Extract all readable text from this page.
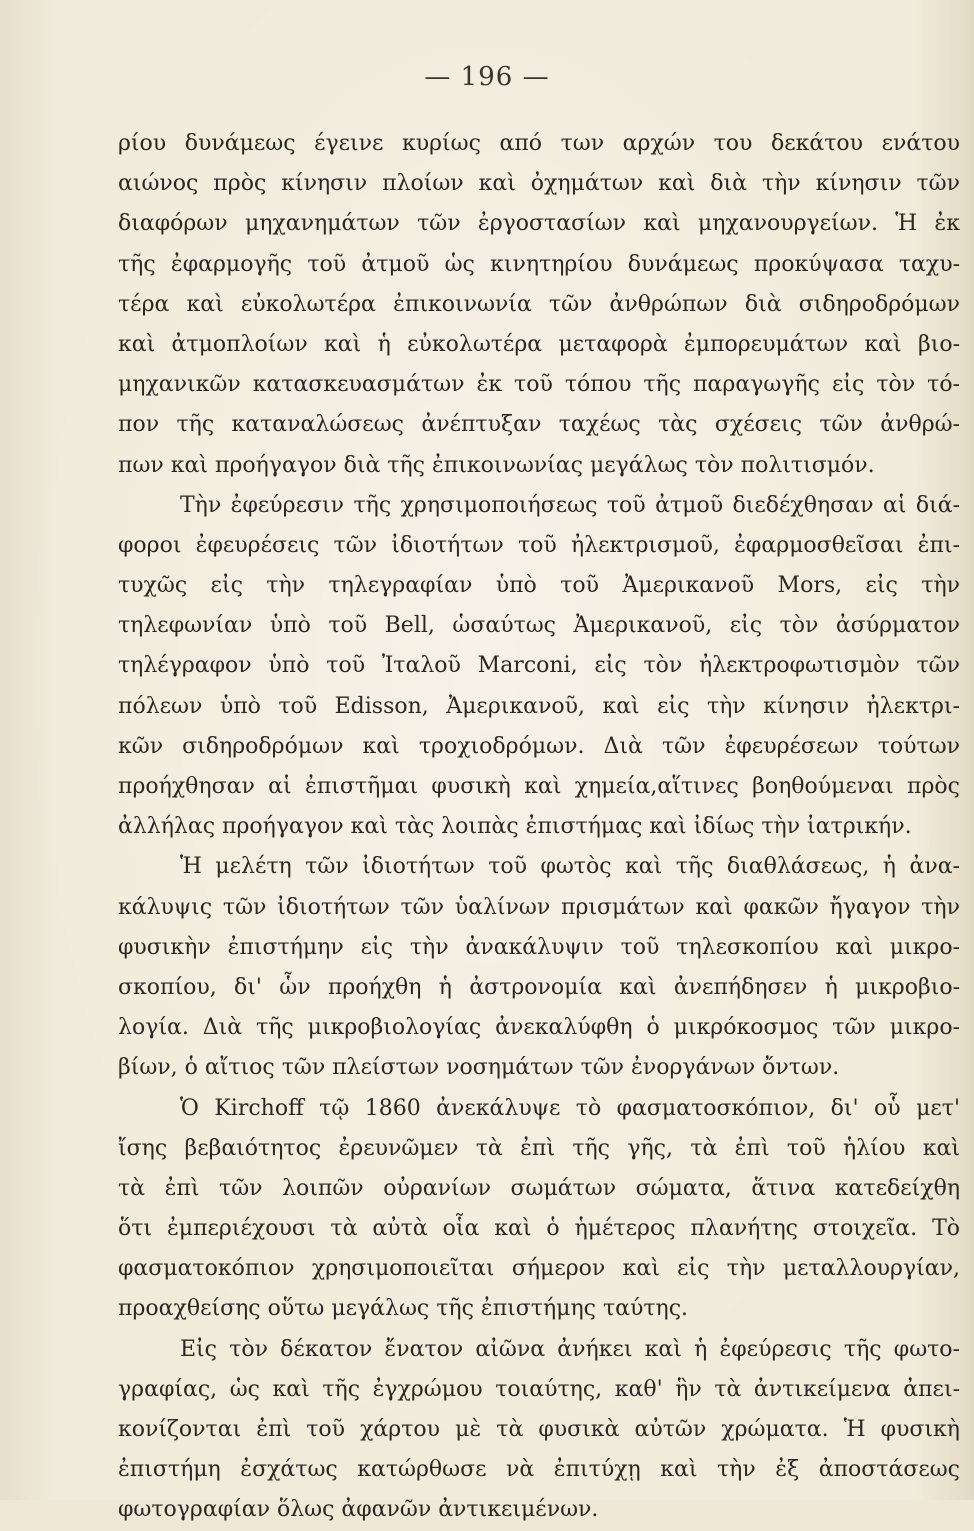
— 196 —
ρίου δυνάμεως έγεινε κυρίως από των αρχών του δεκάτου ενάτου
αιώνος πρὸς κίνησιν πλοίων καὶ ὀχημάτων καὶ διὰ τὴν κίνησιν τῶν
διαφόρων μηχανημάτων τῶν ἐργοστασίων καὶ μηχανουργείων. Ἡ ἐκ
τῆς ἐφαρμογῆς τοῦ ἀτμοῦ ὡς κινητηρίου δυνάμεως προκύψασα ταχυ-
τέρα καὶ εὐκολωτέρα ἐπικοινωνία τῶν ἀνθρώπων διὰ σιδηροδρόμων
καὶ ἀτμοπλοίων καὶ ἡ εὐκολωτέρα μεταφορὰ ἐμπορευμάτων καὶ βιο-
μηχανικῶν κατασκευασμάτων ἐκ τοῦ τόπου τῆς παραγωγῆς εἰς τὸν τό-
πον τῆς καταναλώσεως ἀνέπτυξαν ταχέως τὰς σχέσεις τῶν ἀνθρώ-
πων καὶ προήγαγον διὰ τῆς ἐπικοινωνίας μεγάλως τὸν πολιτισμόν.
Τὴν ἐφεύρεσιν τῆς χρησιμοποιήσεως τοῦ ἀτμοῦ διεδέχθησαν αἱ διά-
φοροι ἐφευρέσεις τῶν ἰδιοτήτων τοῦ ἠλεκτρισμοῦ, ἐφαρμοσθεῖσαι ἐπι-
τυχῶς εἰς τὴν τηλεγραφίαν ὑπὸ τοῦ Ἀμερικανοῦ Mors, εἰς τὴν
τηλεφωνίαν ὑπὸ τοῦ Bell, ὡσαύτως Ἀμερικανοῦ, εἰς τὸν ἀσύρματον
τηλέγραφον ὑπὸ τοῦ Ἰταλοῦ Marconi, εἰς τὸν ἠλεκτροφωτισμὸν τῶν
πόλεων ὑπὸ τοῦ Edisson, Ἀμερικανοῦ, καὶ εἰς τὴν κίνησιν ἠλεκτρι-
κῶν σιδηροδρόμων καὶ τροχιοδρόμων. Διὰ τῶν ἐφευρέσεων τούτων
προήχθησαν αἱ ἐπιστῆμαι φυσικὴ καὶ χημεία,αἵτινες βοηθούμεναι πρὸς
ἀλλήλας προήγαγον καὶ τὰς λοιπὰς ἐπιστήμας καὶ ἰδίως τὴν ἰατρικήν.
Ἡ μελέτη τῶν ἰδιοτήτων τοῦ φωτὸς καὶ τῆς διαθλάσεως, ἡ ἀνα-
κάλυψις τῶν ἰδιοτήτων τῶν ὑαλίνων πρισμάτων καὶ φακῶν ἤγαγον τὴν
φυσικὴν ἐπιστήμην εἰς τὴν ἀνακάλυψιν τοῦ τηλεσκοπίου καὶ μικρο-
σκοπίου, δι' ὧν προήχθη ἡ ἀστρονομία καὶ ἀνεπήδησεν ἡ μικροβιο-
λογία. Διὰ τῆς μικροβιολογίας ἀνεκαλύφθη ὁ μικρόκοσμος τῶν μικρο-
βίων, ὁ αἴτιος τῶν πλείστων νοσημάτων τῶν ἐνοργάνων ὄντων.
Ὁ Kirchoff τῷ 1860 ἀνεκάλυψε τὸ φασματοσκόπιον, δι' οὗ μετ'
ἴσης βεβαιότητος ἐρευνῶμεν τὰ ἐπὶ τῆς γῆς, τὰ ἐπὶ τοῦ ἡλίου καὶ
τὰ ἐπὶ τῶν λοιπῶν οὐρανίων σωμάτων σώματα, ἅτινα κατεδείχθη
ὅτι ἐμπεριέχουσι τὰ αὐτὰ οἷα καὶ ὁ ἡμέτερος πλανήτης στοιχεῖα. Τὸ
φασματοκόπιον χρησιμοποιεῖται σήμερον καὶ εἰς τὴν μεταλλουργίαν,
προαχθείσης οὕτω μεγάλως τῆς ἐπιστήμης ταύτης.
Εἰς τὸν δέκατον ἔνατον αἰῶνα ἀνήκει καὶ ἡ ἐφεύρεσις τῆς φωτο-
γραφίας, ὡς καὶ τῆς ἐγχρώμου τοιαύτης, καθ' ἣν τὰ ἀντικείμενα ἀπει-
κονίζονται ἐπὶ τοῦ χάρτου μὲ τὰ φυσικὰ αὐτῶν χρώματα. Ἡ φυσικὴ
ἐπιστήμη ἐσχάτως κατώρθωσε νὰ ἐπιτύχῃ καὶ τὴν ἐξ ἀποστάσεως
φωτογραφίαν ὅλως ἀφανῶν ἀντικειμένων.
